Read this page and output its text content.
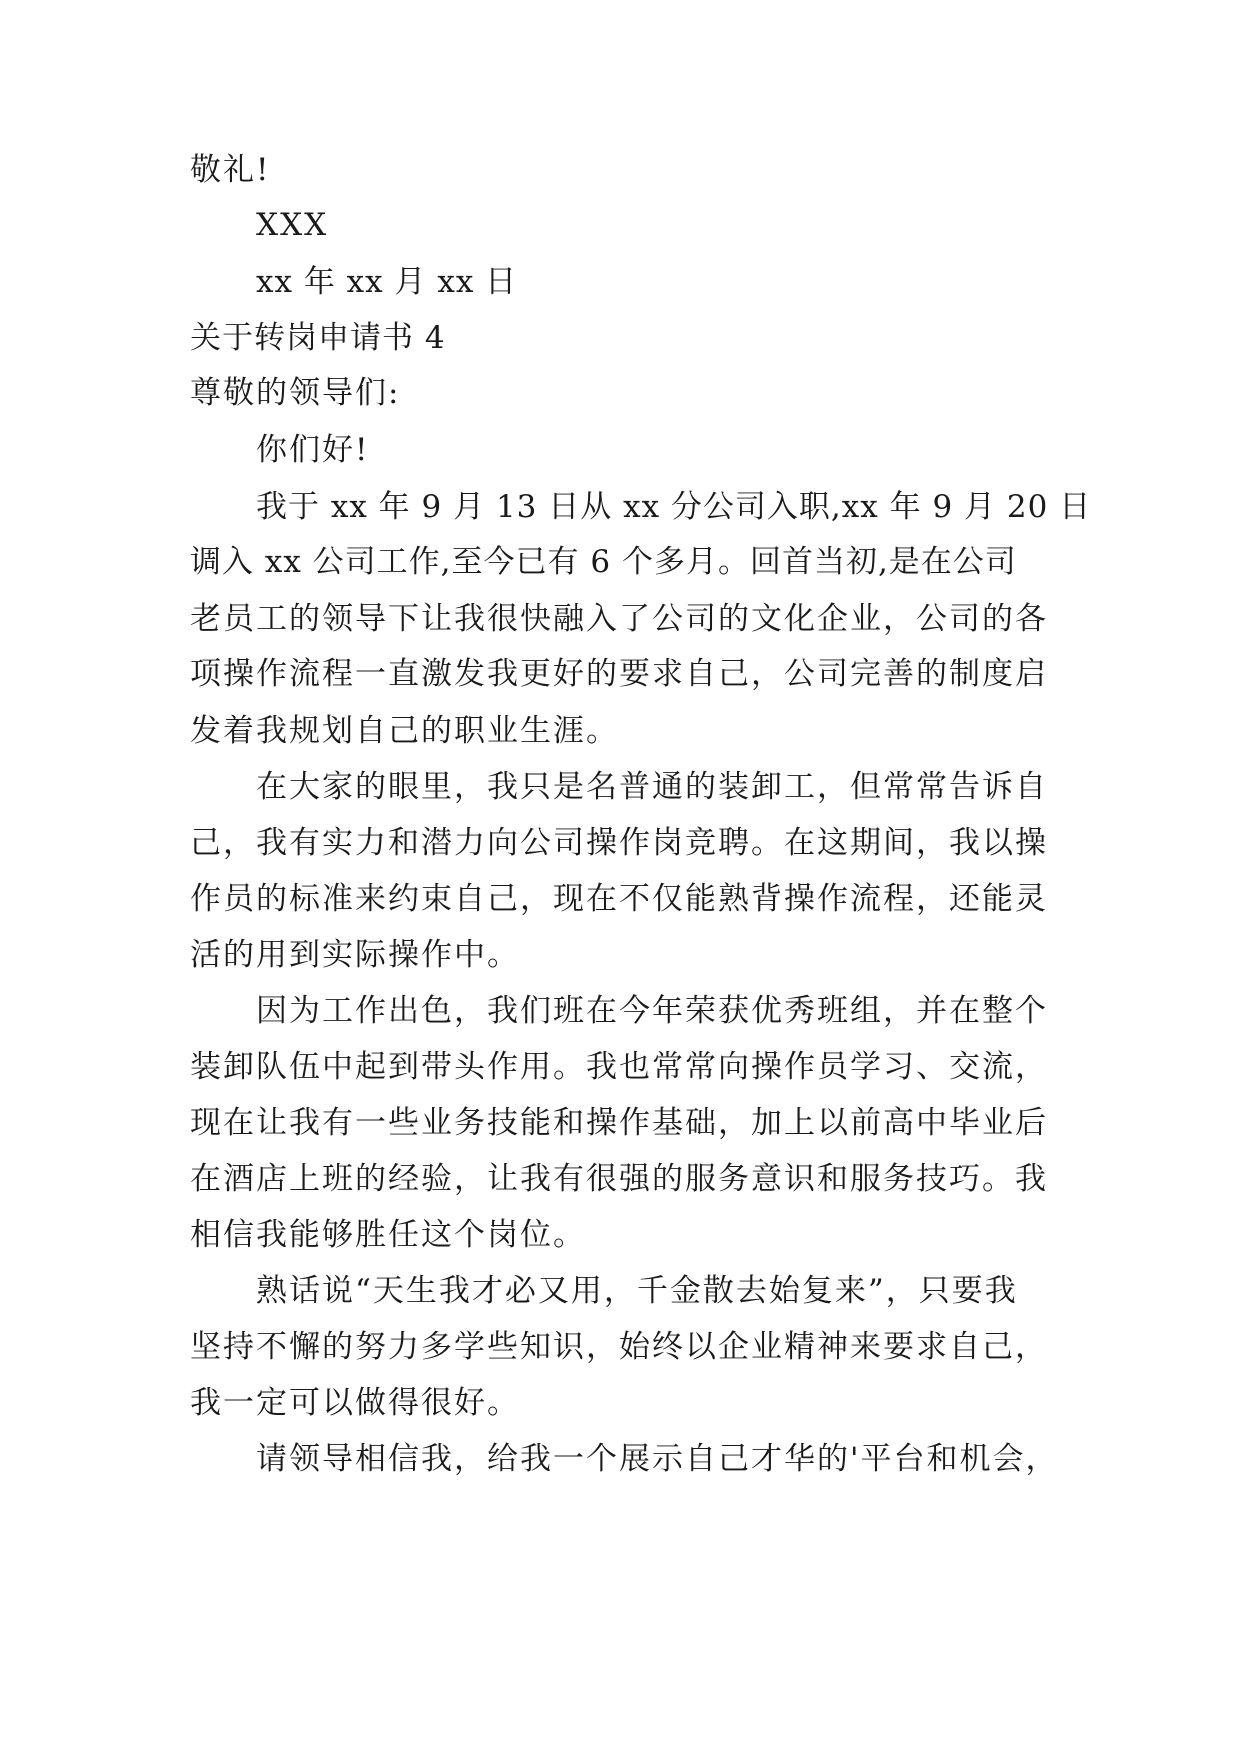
敬礼!
XXX
xx 年 xx 月 xx 日
关于转岗申请书 4
尊敬的领导们:
你们好!
我于 xx 年 9 月 13 日从 xx 分公司入职,xx 年 9 月 20 日
调入 xx 公司工作,至今已有 6 个多月。回首当初,是在公司
老员工的领导下让我很快融入了公司的文化企业，公司的各
项操作流程一直激发我更好的要求自己，公司完善的制度启
发着我规划自己的职业生涯。
在大家的眼里，我只是名普通的装卸工，但常常告诉自
己，我有实力和潜力向公司操作岗竞聘。在这期间，我以操
作员的标准来约束自己，现在不仅能熟背操作流程，还能灵
活的用到实际操作中。
因为工作出色，我们班在今年荣获优秀班组，并在整个
装卸队伍中起到带头作用。我也常常向操作员学习、交流，
现在让我有一些业务技能和操作基础，加上以前高中毕业后
在酒店上班的经验，让我有很强的服务意识和服务技巧。我
相信我能够胜任这个岗位。
熟话说“天生我才必又用，千金散去始复来”，只要我
坚持不懈的努力多学些知识，始终以企业精神来要求自己，
我一定可以做得很好。
请领导相信我，给我一个展示自己才华的'平台和机会，
